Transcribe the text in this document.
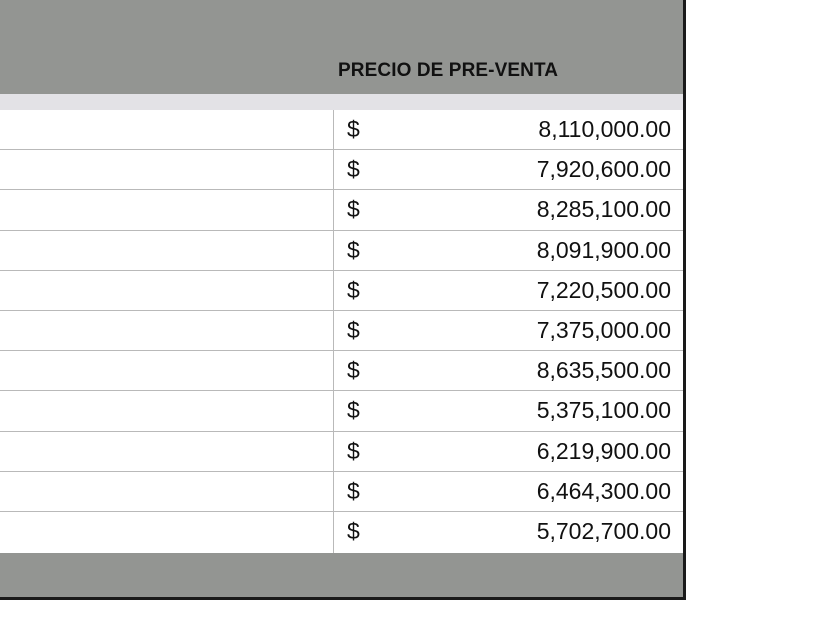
PRECIO DE PRE-VENTA
$	8,110,000.00
$	7,920,600.00
$	8,285,100.00
$	8,091,900.00
$	7,220,500.00
$	7,375,000.00
$	8,635,500.00
$	5,375,100.00
$	6,219,900.00
$	6,464,300.00
$	5,702,700.00
